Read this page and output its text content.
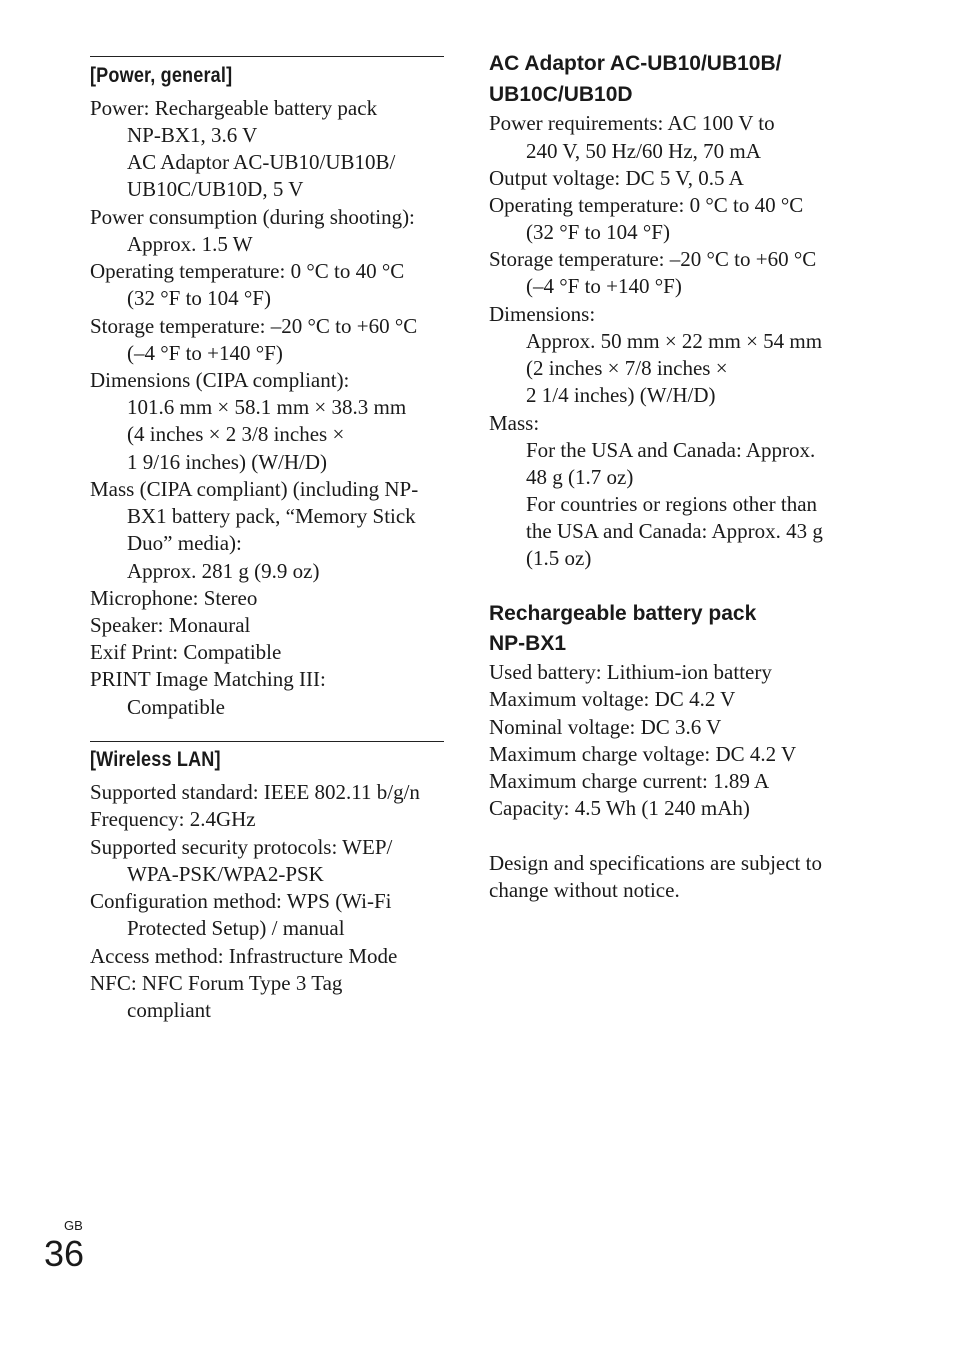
[Power, general]
Power: Rechargeable battery pack
NP-BX1, 3.6 V
AC Adaptor AC-UB10/UB10B/
UB10C/UB10D, 5 V
Power consumption (during shooting):
Approx. 1.5 W
Operating temperature: 0 °C to 40 °C
(32 °F to 104 °F)
Storage temperature: –20 °C to +60 °C
(–4 °F to +140 °F)
Dimensions (CIPA compliant):
101.6 mm × 58.1 mm × 38.3 mm
(4 inches × 2 3/8 inches ×
1 9/16 inches) (W/H/D)
Mass (CIPA compliant) (including NP-
BX1 battery pack, “Memory Stick
Duo” media):
Approx. 281 g (9.9 oz)
Microphone: Stereo
Speaker: Monaural
Exif Print: Compatible
PRINT Image Matching III:
Compatible
[Wireless LAN]
Supported standard: IEEE 802.11 b/g/n
Frequency: 2.4GHz
Supported security protocols: WEP/
WPA-PSK/WPA2-PSK
Configuration method: WPS (Wi-Fi
Protected Setup) / manual
Access method: Infrastructure Mode
NFC: NFC Forum Type 3 Tag
compliant
AC Adaptor AC-UB10/UB10B/
UB10C/UB10D
Power requirements: AC 100 V to
240 V, 50 Hz/60 Hz, 70 mA
Output voltage: DC 5 V, 0.5 A
Operating temperature: 0 °C to 40 °C
(32 °F to 104 °F)
Storage temperature: –20 °C to +60 °C
(–4 °F to +140 °F)
Dimensions:
Approx. 50 mm × 22 mm × 54 mm
(2 inches × 7/8 inches ×
2 1/4 inches) (W/H/D)
Mass:
For the USA and Canada: Approx.
48 g (1.7 oz)
For countries or regions other than
the USA and Canada: Approx. 43 g
(1.5 oz)
Rechargeable battery pack
NP-BX1
Used battery: Lithium-ion battery
Maximum voltage: DC 4.2 V
Nominal voltage: DC 3.6 V
Maximum charge voltage: DC 4.2 V
Maximum charge current: 1.89 A
Capacity: 4.5 Wh (1 240 mAh)
Design and specifications are subject to
change without notice.
GB
36
